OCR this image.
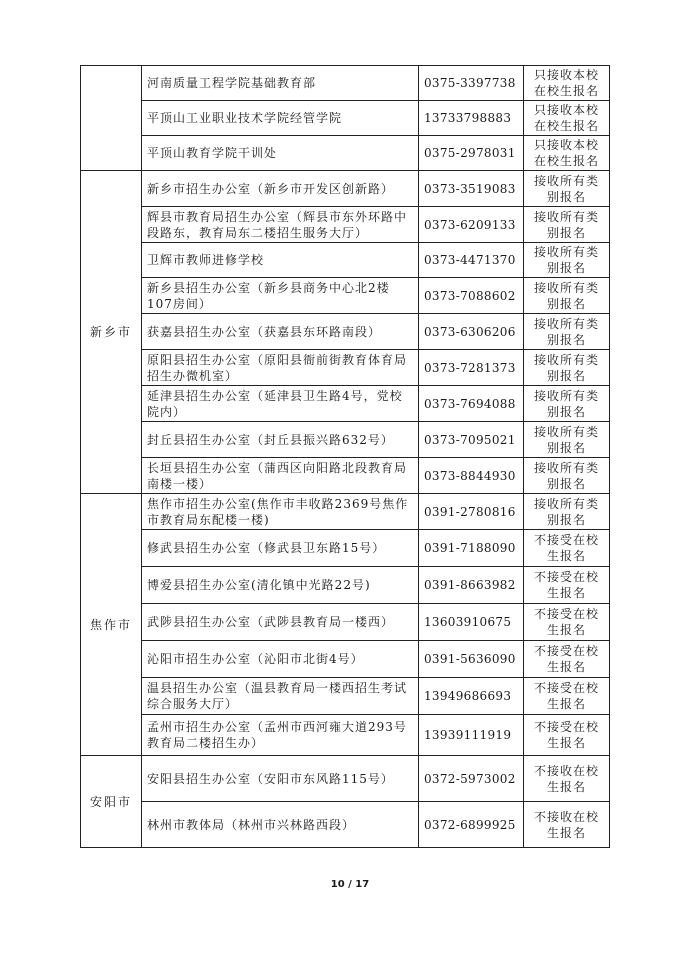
	河南质量工程学院基础教育部	0375-3397738	只接收本校在校生报名
	平顶山工业职业技术学院经管学院	13733798883	只接收本校在校生报名
	平顶山教育学院干训处	0375-2978031	只接收本校在校生报名
新乡市	新乡市招生办公室（新乡市开发区创新路）	0373-3519083	接收所有类别报名
	辉县市教育局招生办公室（辉县市东外环路中段路东，教育局东二楼招生服务大厅）	0373-6209133	接收所有类别报名
	卫辉市教师进修学校	0373-4471370	接收所有类别报名
	新乡县招生办公室（新乡县商务中心北2楼107房间）	0373-7088602	接收所有类别报名
	获嘉县招生办公室（获嘉县东环路南段）	0373-6306206	接收所有类别报名
	原阳县招生办公室（原阳县衙前街教育体育局招生办微机室）	0373-7281373	接收所有类别报名
	延津县招生办公室（延津县卫生路4号，党校院内）	0373-7694088	接收所有类别报名
	封丘县招生办公室（封丘县振兴路632号）	0373-7095021	接收所有类别报名
	长垣县招生办公室（蒲西区向阳路北段教育局南楼一楼）	0373-8844930	接收所有类别报名
焦作市	焦作市招生办公室(焦作市丰收路2369号焦作市教育局东配楼一楼)	0391-2780816	接收所有类别报名
	修武县招生办公室（修武县卫东路15号）	0391-7188090	不接受在校生报名
	博爱县招生办公室(清化镇中光路22号)	0391-8663982	不接受在校生报名
	武陟县招生办公室（武陟县教育局一楼西）	13603910675	不接受在校生报名
	沁阳市招生办公室（沁阳市北街4号）	0391-5636090	不接受在校生报名
	温县招生办公室（温县教育局一楼西招生考试综合服务大厅）	13949686693	不接受在校生报名
	孟州市招生办公室（孟州市西河雍大道293号教育局二楼招生办）	13939111919	不接受在校生报名
安阳市	安阳县招生办公室（安阳市东风路115号）	0372-5973002	不接收在校生报名
	林州市教体局（林州市兴林路西段）	0372-6899925	不接收在校生报名
10 / 17
